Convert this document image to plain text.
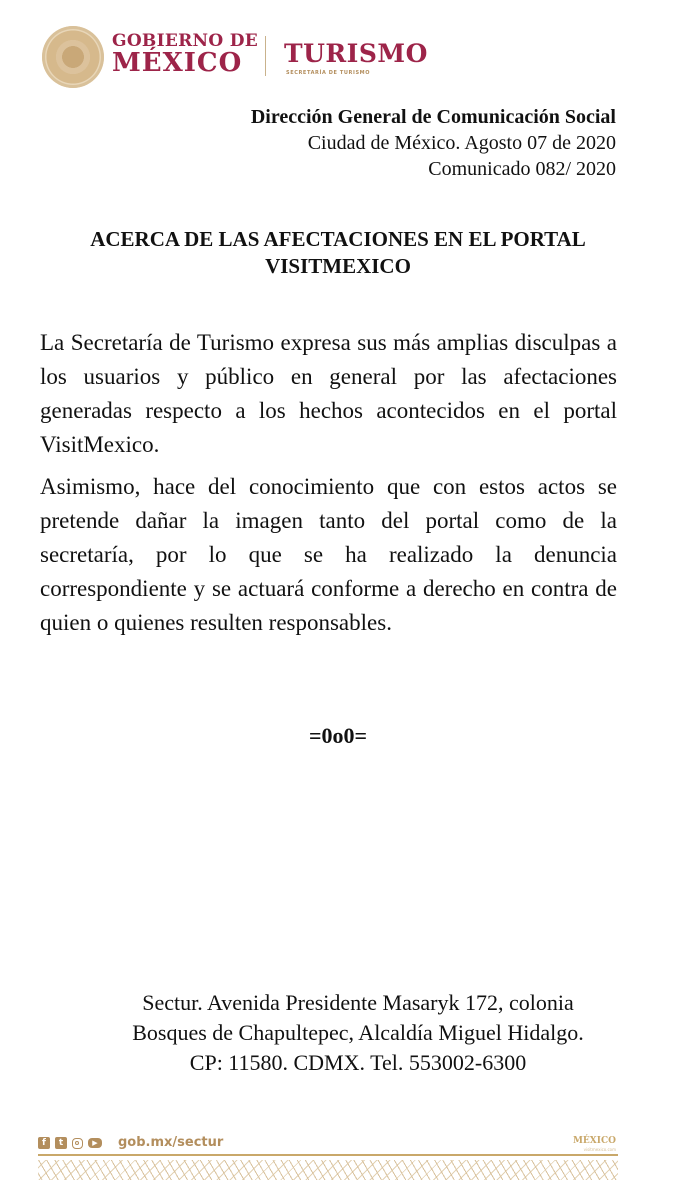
GOBIERNO DE
MÉXICO TURISMO
SECRETARÍA DE TURISMO
Dirección General de Comunicación Social
Ciudad de México. Agosto 07 de 2020
Comunicado 082/ 2020
ACERCA DE LAS AFECTACIONES EN EL PORTAL
VISITMEXICO
La Secretaría de Turismo expresa sus más amplias disculpas a los usuarios y público en general por las afectaciones generadas respecto a los hechos acontecidos en el portal VisitMexico.
Asimismo, hace del conocimiento que con estos actos se pretende dañar la imagen tanto del portal como de la secretaría, por lo que se ha realizado la denuncia correspondiente y se actuará conforme a derecho en contra de quien o quienes resulten responsables.
=0o0=
Sectur. Avenida Presidente Masaryk 172, colonia
Bosques de Chapultepec, Alcaldía Miguel Hidalgo.
CP: 11580. CDMX. Tel. 553002-6300
f	t	▶	gob.mx/sectur	MÉXICO
visitmexico.com
